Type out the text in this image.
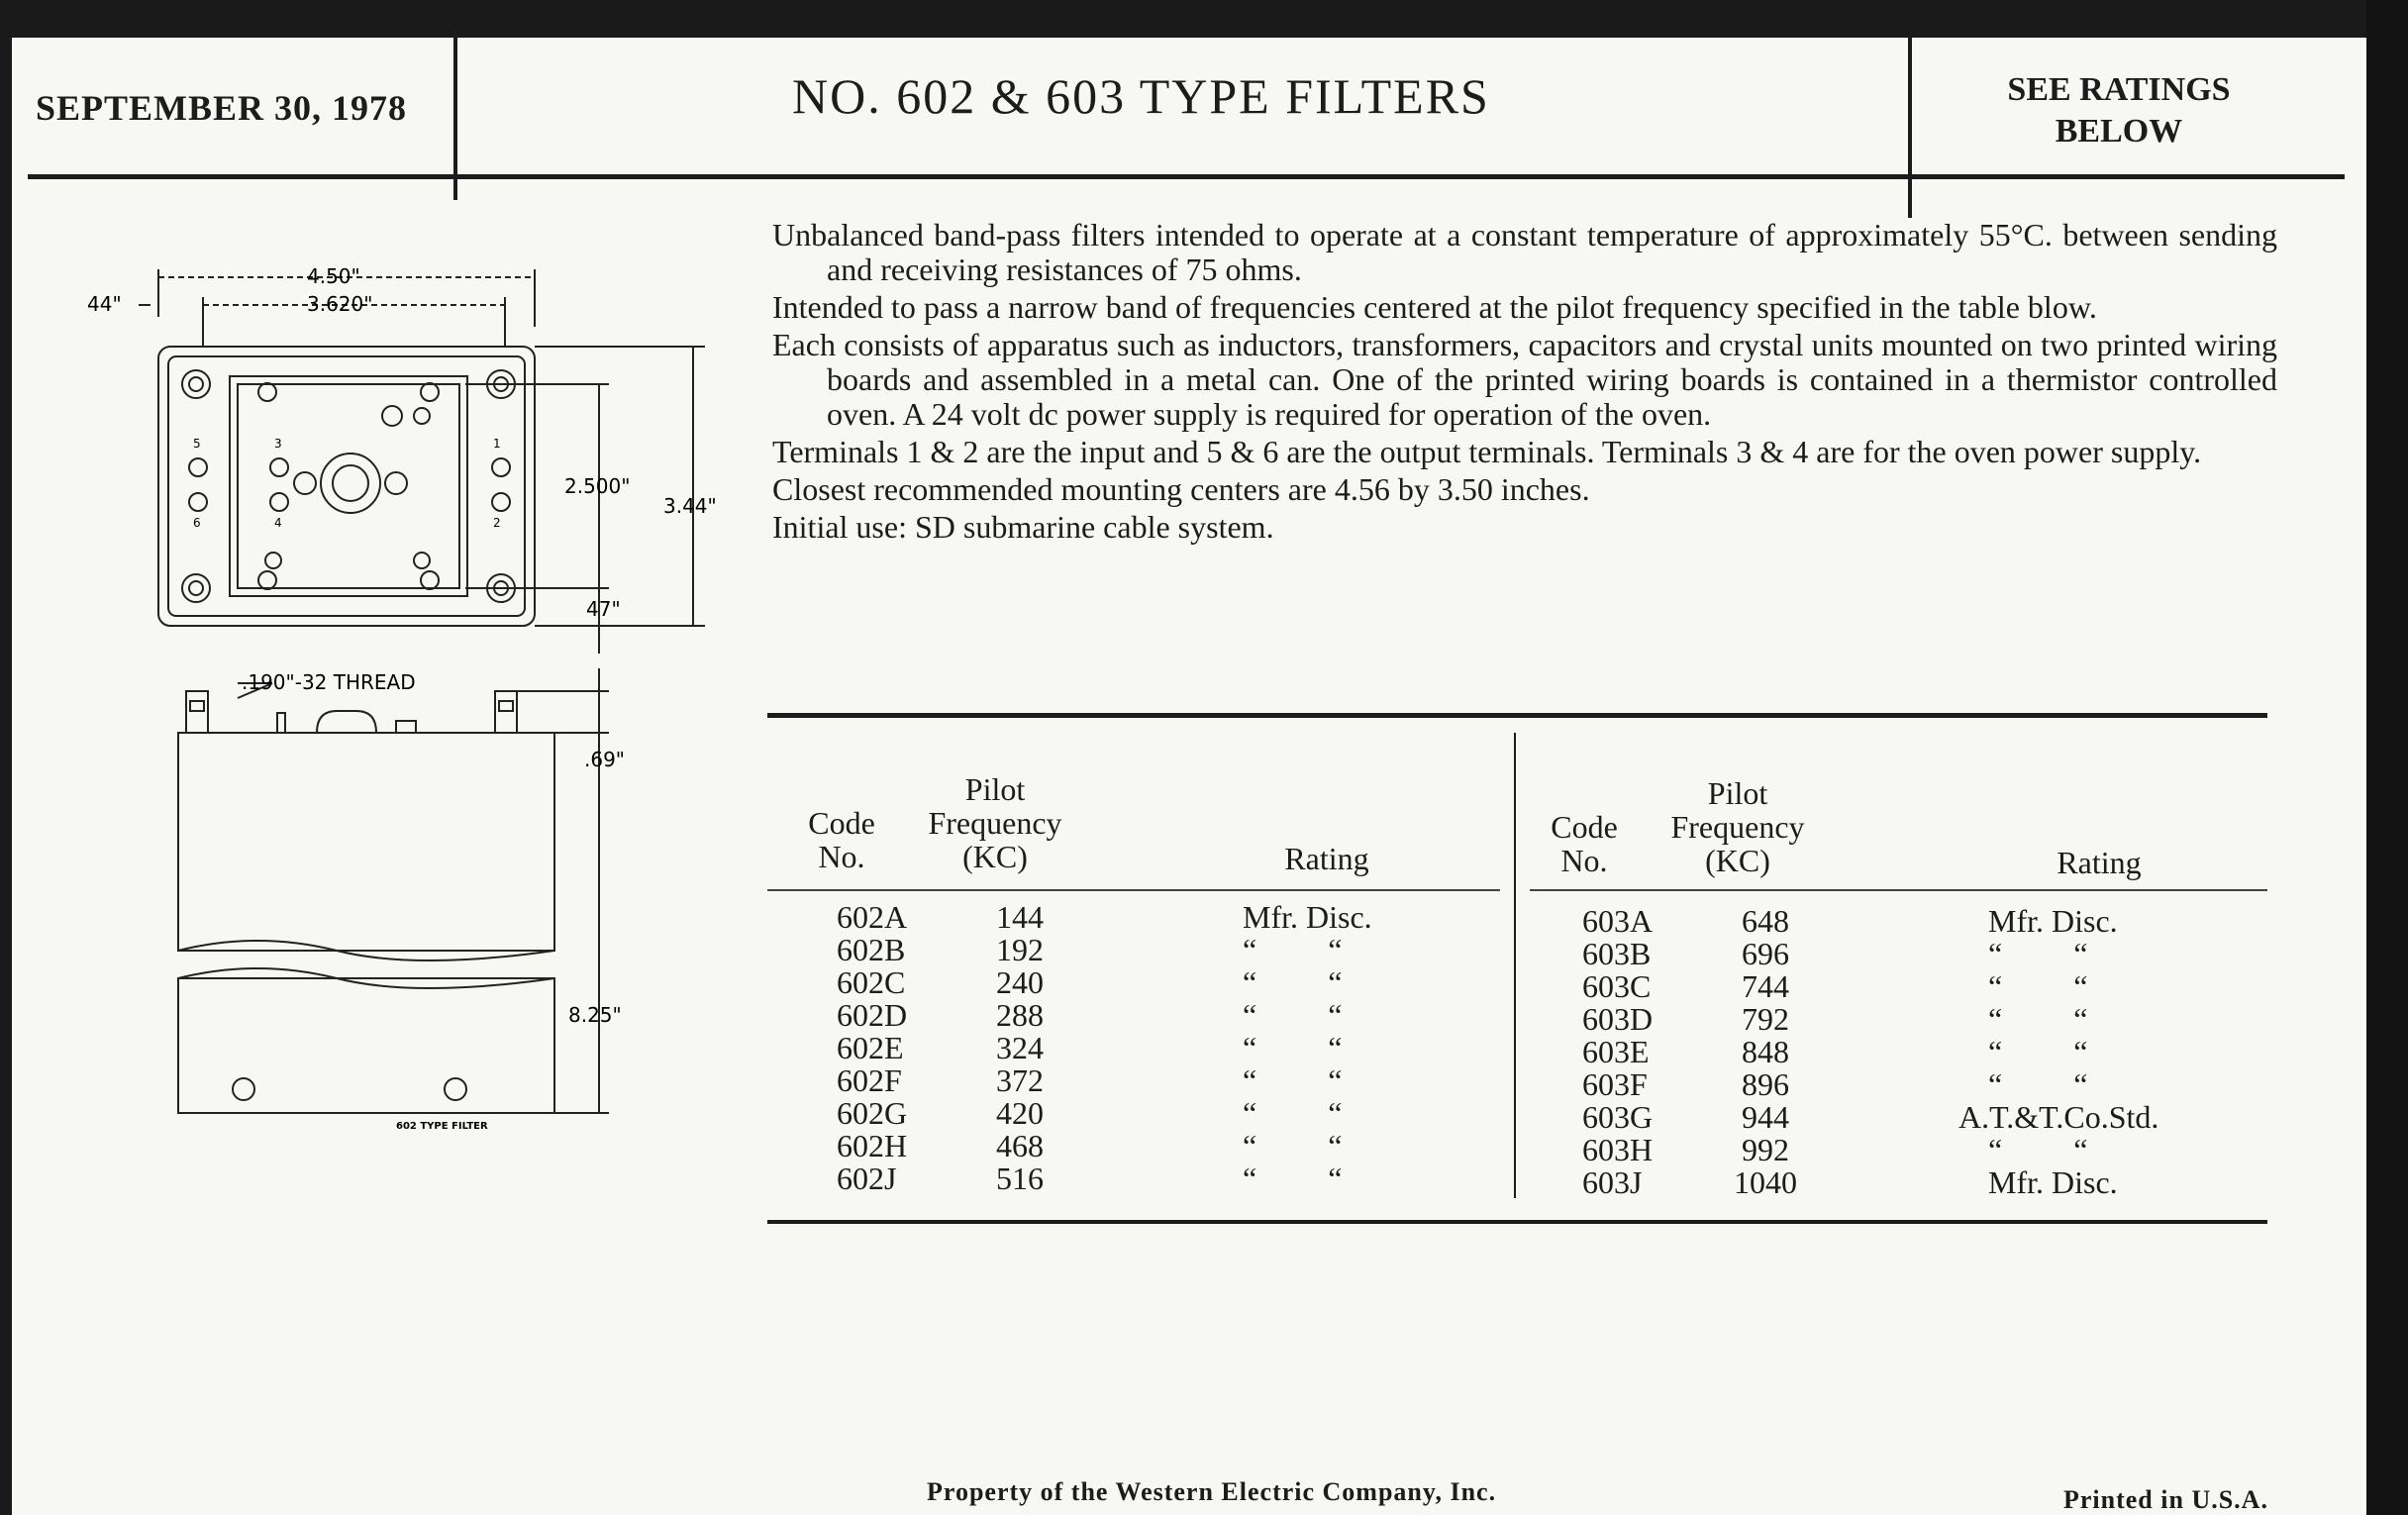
SEPTEMBER 30, 1978	NO. 602 & 603 TYPE FILTERS	SEE RATINGS
BELOW
4.50"
3.620"
44"
2.500"
3.44"
47"
.190"-32 THREAD
.69"
8.25"
602 TYPE FILTER
1
2
3
4
5
6

Unbalanced band-pass filters intended to operate at a constant temperature of approximately 55°C. between sending and receiving resistances of 75 ohms.

Intended to pass a narrow band of frequencies centered at the pilot frequency specified in the table blow.

Each consists of apparatus such as inductors, transformers, capacitors and crystal units mounted on two printed wiring boards and assembled in a metal can. One of the printed wiring boards is contained in a thermistor controlled oven. A 24 volt dc power supply is required for operation of the oven.

Terminals 1 & 2 are the input and 5 & 6 are the output terminals. Terminals 3 & 4 are for the oven power supply.

Closest recommended mounting centers are 4.56 by 3.50 inches.

Initial use: SD submarine cable system.

Code
No.
Pilot
Frequency
(KC)	Rating
Code
No.
Pilot
Frequency
(KC)	Rating
602A	144	Mfr. Disc.
602B	192	“         “
602C	240	“         “
602D	288	“         “
602E	324	“         “
602F	372	“         “
602G	420	“         “
602H	468	“         “
602J	516	“         “
603A	648	Mfr. Disc.
603B	696	“         “
603C	744	“         “
603D	792	“         “
603E	848	“         “
603F	896	“         “
603G	944	A.T.&T.Co.Std.
603H	992	“         “
603J	1040	Mfr. Disc.
Property of the Western Electric Company, Inc.	Printed in U.S.A.
